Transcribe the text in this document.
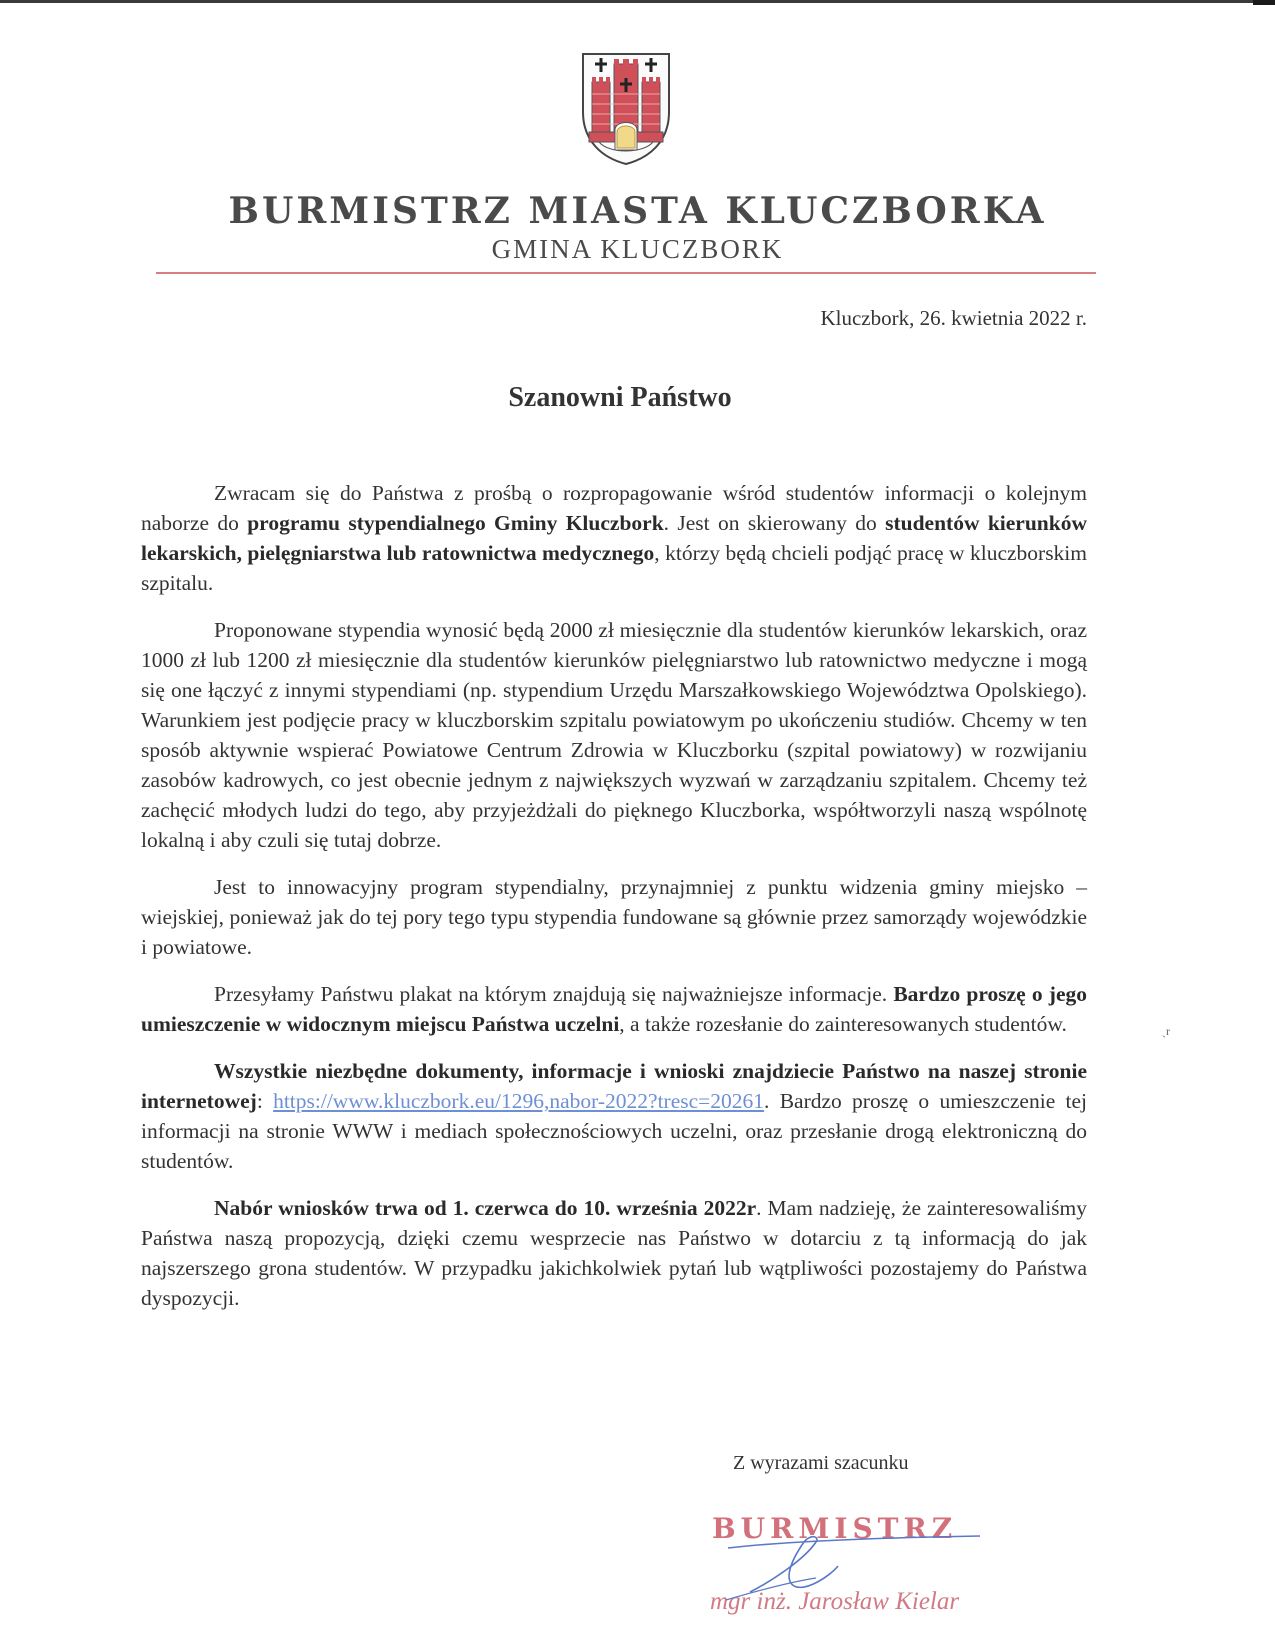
BURMISTRZ MIASTA KLUCZBORKA
GMINA KLUCZBORK
Kluczbork, 26. kwietnia 2022 r.
Szanowni Państwo

Zwracam się do Państwa z prośbą o rozpropagowanie wśród studentów informacji o kolejnym naborze do programu stypendialnego Gminy Kluczbork. Jest on skierowany do studentów kierunków lekarskich, pielęgniarstwa lub ratownictwa medycznego, którzy będą chcieli podjąć pracę w kluczborskim szpitalu.

Proponowane stypendia wynosić będą 2000 zł miesięcznie dla studentów kierunków lekarskich, oraz 1000 zł lub 1200 zł miesięcznie dla studentów kierunków pielęgniarstwo lub ratownictwo medyczne i mogą się one łączyć z innymi stypendiami (np. stypendium Urzędu Marszałkowskiego Województwa Opolskiego). Warunkiem jest podjęcie pracy w kluczborskim szpitalu powiatowym po ukończeniu studiów. Chcemy w ten sposób aktywnie wspierać Powiatowe Centrum Zdrowia w Kluczborku (szpital powiatowy) w rozwijaniu zasobów kadrowych, co jest obecnie jednym z największych wyzwań w zarządzaniu szpitalem. Chcemy też zachęcić młodych ludzi do tego, aby przyjeżdżali do pięknego Kluczborka, współtworzyli naszą wspólnotę lokalną i aby czuli się tutaj dobrze.

Jest to innowacyjny program stypendialny, przynajmniej z punktu widzenia gminy miejsko – wiejskiej, ponieważ jak do tej pory tego typu stypendia fundowane są głównie przez samorządy wojewódzkie i powiatowe.

Przesyłamy Państwu plakat na którym znajdują się najważniejsze informacje. Bardzo proszę o jego umieszczenie w widocznym miejscu Państwa uczelni, a także rozesłanie do zainteresowanych studentów.

Wszystkie niezbędne dokumenty, informacje i wnioski znajdziecie Państwo na naszej stronie internetowej: https://www.kluczbork.eu/1296,nabor-2022?tresc=20261. Bardzo proszę o umieszczenie tej informacji na stronie WWW i mediach społecznościowych uczelni, oraz przesłanie drogą elektroniczną do studentów.

Nabór wniosków trwa od 1. czerwca do 10. września 2022r. Mam nadzieję, że zainteresowaliśmy Państwa naszą propozycją, dzięki czemu wesprzecie nas Państwo w dotarciu z tą informacją do jak najszerszego grona studentów. W przypadku jakichkolwiek pytań lub wątpliwości pozostajemy do Państwa dyspozycji.

ˏr
Z wyrazami szacunku
BURMISTRZ
mgr inż. Jarosław Kielar
